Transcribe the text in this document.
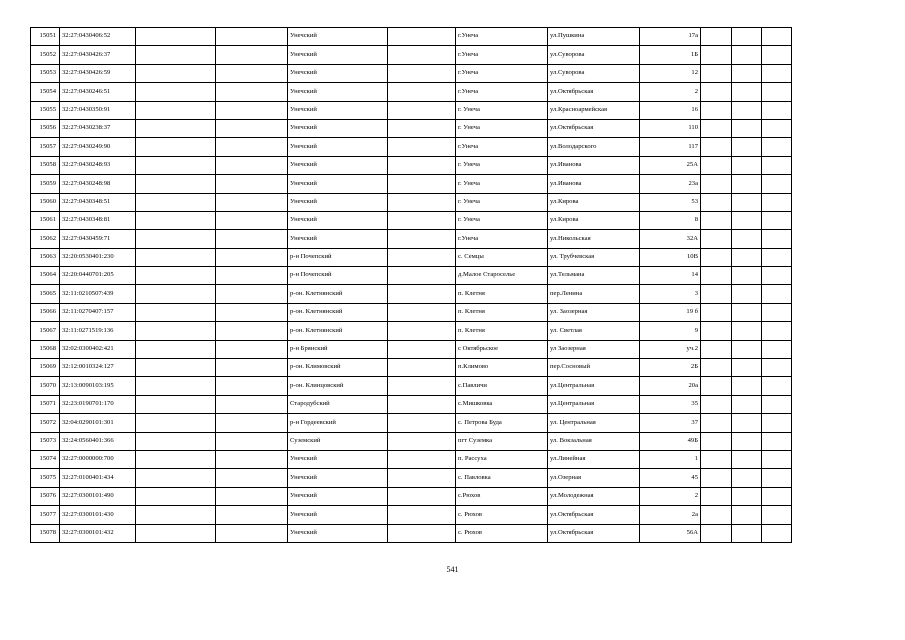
15051	32:27:0430406:52			Унечский		г.Унеча	ул.Пушкина	17а			
15052	32:27:0430426:37			Унечский		г.Унеча	ул.Суворова	1Б			
15053	32:27:0430426:59			Унечский		г.Унеча	ул.Суворова	12			
15054	32:27:0430246:51			Унечский		г.Унеча	ул.Октябрьская	2			
15055	32:27:0430350:91			Унечский		г. Унеча	ул.Красноармейская	16			
15056	32:27:0430238:37			Унечский		г. Унеча	ул.Октябрьская	110			
15057	32:27:0430249:90			Унечский		г.Унеча	ул.Володарского	117			
15058	32:27:0430248:93			Унечский		г. Унеча	ул.Иванова	25А			
15059	32:27:0430248:98			Унечский		г. Унеча	ул.Иванова	23а			
15060	32:27:0430348:51			Унечский		г. Унеча	ул.Кирова	53			
15061	32:27:0430348:81			Унечский		г. Унеча	ул.Кирова	8			
15062	32:27:0430459:71			Унечский		г.Унеча	ул.Никольская	32А			
15063	32:20:0530401:230			р-н Почепский		с. Семцы	ул. Трубчевская	10В			
15064	32:20:0440701:205			р-н Почепский		д.Малое Староселье	ул.Тельмана	14			
15065	32:11:0210507:439			р-он. Клетнянский		п. Клетня	пер.Ленина	3			
15066	32:11:0270407:157			р-он. Клетнянский		п. Клетня	ул. Заозерная	19 б			
15067	32:11:0271519:136			р-он. Клетнянский		п. Клетня	ул. Светлая	9			
15068	32:02:0300402:421			р-н Брянский		с Октябрьское	ул Заозерная	уч.2			
15069	32:12:0010324:127			р-он. Климовский		п.Климово	пер.Сосновый	2Б			
15070	32:13:0090103:195			р-он. Клинцовский		с.Павличи	ул.Центральная	20а			
15071	32:23:0190701:170			Стародубский		с.Мишковка	ул.Центральная	35			
15072	32:04:0290101:301			р-н Гордеевский		с. Петрова Буда	ул. Центральная	37			
15073	32:24:0560401:366			Суземский		пгт Суземка	ул. Вокзальная	49Б			
15074	32:27:0000000:700			Унечский		п. Рассуха	ул.Линейная	1			
15075	32:27:0100401:434			Унечский		с. Павловка	ул.Озерная	45			
15076	32:27:0300101:490			Унечский		с.Рюхов	ул.Молодежная	2			
15077	32:27:0300101:430			Унечский		с. Рюхов	ул.Октябрьская	2а			
15078	32:27:0300101:432			Унечский		с. Рюхов	ул.Октябрьская	56А			
541
